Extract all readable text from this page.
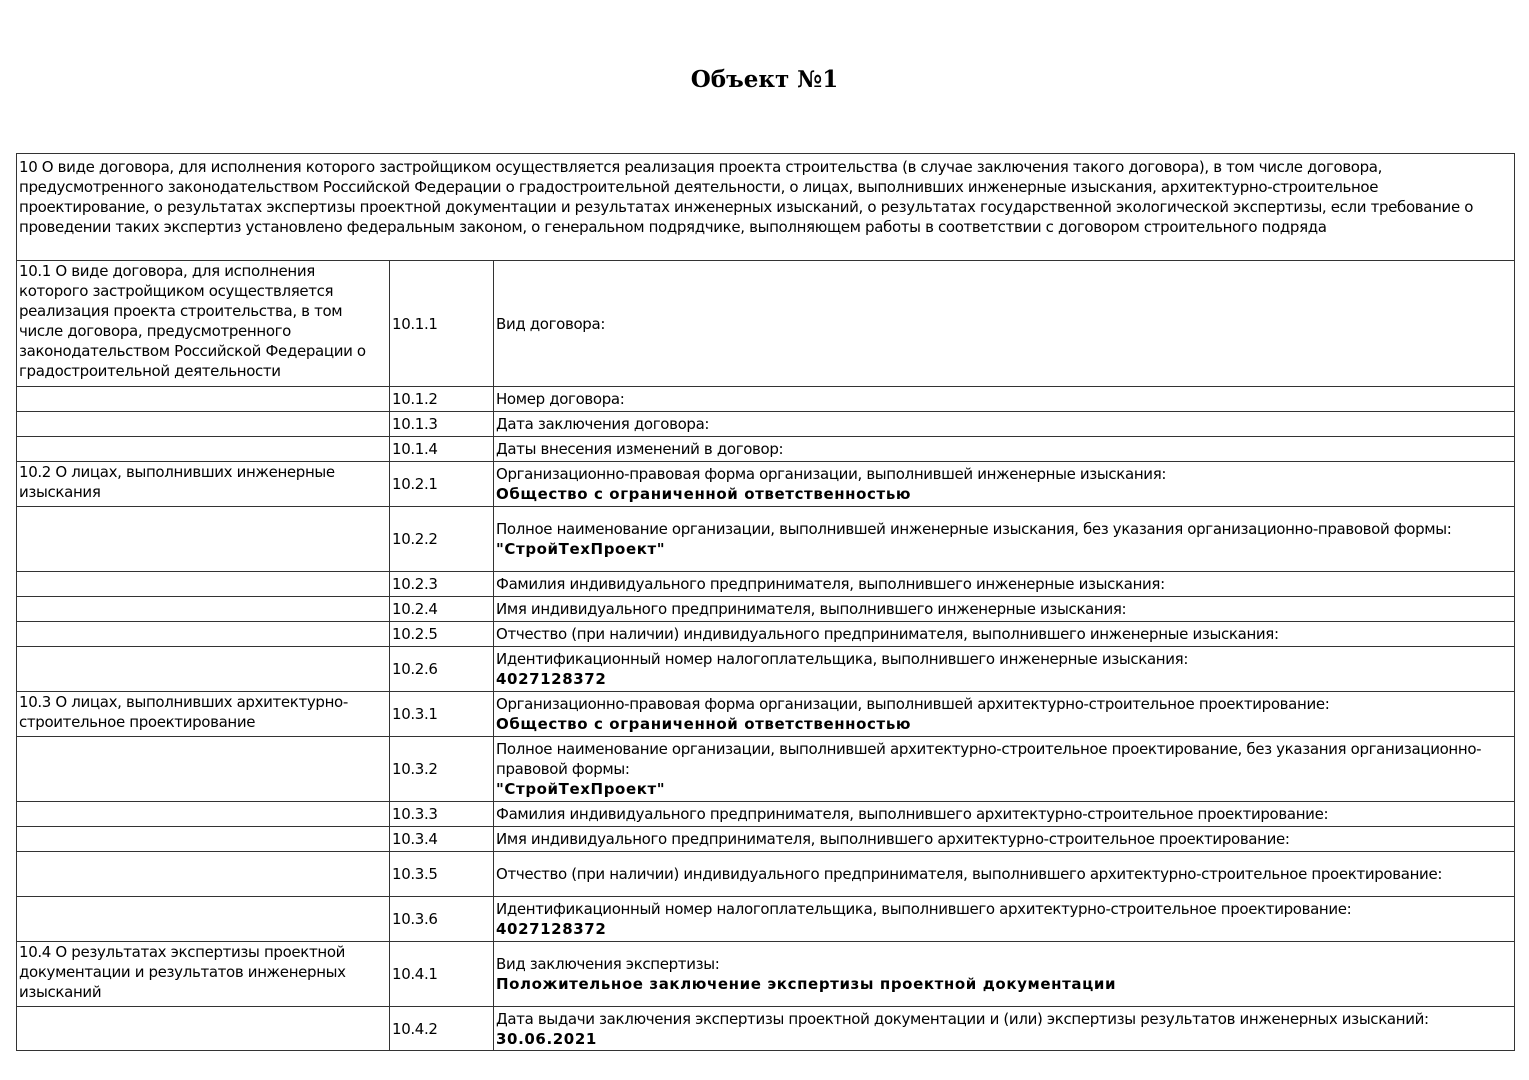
Объект №1
10 О виде договора, для исполнения которого застройщиком осуществляется реализация проекта строительства (в случае заключения такого договора), в том числе договора, предусмотренного законодательством Российской Федерации о градостроительной деятельности, о лицах, выполнивших инженерные изыскания, архитектурно-строительное проектирование, о результатах экспертизы проектной документации и результатах инженерных изысканий, о результатах государственной экологической экспертизы, если требование о проведении таких экспертиз установлено федеральным законом, о генеральном подрядчике, выполняющем работы в соответствии с договором строительного подряда		
10.1 О виде договора, для исполнения которого застройщиком осуществляется реализация проекта строительства, в том числе договора, предусмотренного законодательством Российской Федерации о градостроительной деятельности	10.1.1	Вид договора:
	10.1.2	Номер договора:
	10.1.3	Дата заключения договора:
	10.1.4	Даты внесения изменений в договор:
10.2 О лицах, выполнивших инженерные изыскания	10.2.1	Организационно-правовая форма организации, выполнившей инженерные изыскания:
Общество с ограниченной ответственностью

	10.2.2	Полное наименование организации, выполнившей инженерные изыскания, без указания организационно-правовой формы:
"СтройТехПроект"

	10.2.3	Фамилия индивидуального предпринимателя, выполнившего инженерные изыскания:
	10.2.4	Имя индивидуального предпринимателя, выполнившего инженерные изыскания:
	10.2.5	Отчество (при наличии) индивидуального предпринимателя, выполнившего инженерные изыскания:
	10.2.6	Идентификационный номер налогоплательщика, выполнившего инженерные изыскания:
4027128372

10.3 О лицах, выполнивших архитектурно-строительное проектирование	10.3.1	Организационно-правовая форма организации, выполнившей архитектурно-строительное проектирование:
Общество с ограниченной ответственностью

	10.3.2	Полное наименование организации, выполнившей архитектурно-строительное проектирование, без указания организационно-правовой формы:
"СтройТехПроект"

	10.3.3	Фамилия индивидуального предпринимателя, выполнившего архитектурно-строительное проектирование:
	10.3.4	Имя индивидуального предпринимателя, выполнившего архитектурно-строительное проектирование:
	10.3.5	Отчество (при наличии) индивидуального предпринимателя, выполнившего архитектурно-строительное проектирование:
	10.3.6	Идентификационный номер налогоплательщика, выполнившего архитектурно-строительное проектирование:
4027128372

10.4 О результатах экспертизы проектной документации и результатов инженерных изысканий	10.4.1	Вид заключения экспертизы:
Положительное заключение экспертизы проектной документации

	10.4.2	Дата выдачи заключения экспертизы проектной документации и (или) экспертизы результатов инженерных изысканий:
30.06.2021
